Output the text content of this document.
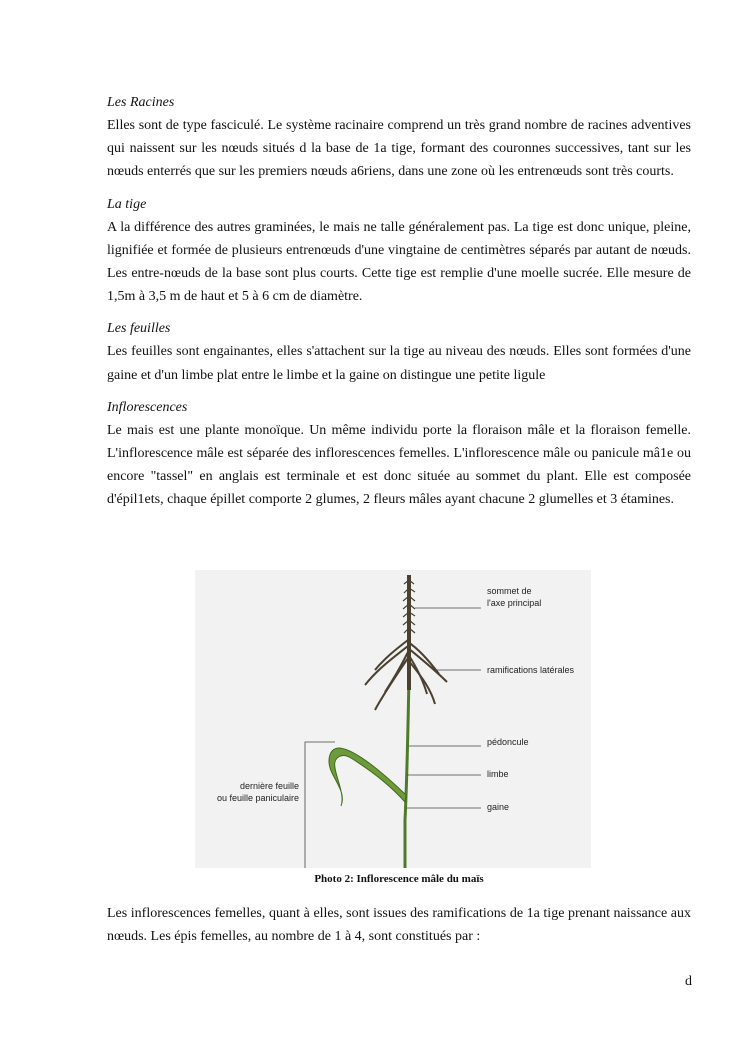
Les Racines

Elles sont de type fasciculé. Le système racinaire comprend un très grand nombre de racines adventives qui naissent sur les nœuds situés d la base de 1a tige, formant des couronnes successives, tant sur les nœuds enterrés que sur les premiers nœuds a6riens, dans une zone où les entrenœuds sont très courts.

La tige

A la différence des autres graminées, le mais ne talle généralement pas. La tige est donc unique, pleine, lignifiée et formée de plusieurs entrenœuds d'une vingtaine de centimètres séparés par autant de nœuds. Les entre-nœuds de la base sont plus courts. Cette tige est remplie d'une moelle sucrée. Elle mesure de 1,5m à 3,5 m de haut et 5 à 6 cm de diamètre.

Les feuilles

Les feuilles sont engainantes, elles s'attachent sur la tige au niveau des nœuds. Elles sont formées d'une gaine et d'un limbe plat entre le limbe et la gaine on distingue une petite ligule

Inflorescences

Le mais est une plante monoïque. Un même individu porte la floraison mâle et la floraison femelle. L'inflorescence mâle est séparée des inflorescences femelles. L'inflorescence mâle ou panicule mâ1e ou encore "tassel" en anglais est terminale et est donc située au sommet du plant. Elle est composée d'épil1ets, chaque épillet comporte 2 glumes, 2 fleurs mâles ayant chacune 2 glumelles et 3 étamines.

sommet de
l'axe principal
ramifications latérales
pédoncule
limbe
gaine
dernière feuille
ou feuille paniculaire
Photo 2: Inflorescence mâle du maïs

Les inflorescences femelles, quant à elles, sont issues des ramifications de 1a tige prenant naissance aux nœuds. Les épis femelles, au nombre de 1 à 4, sont constitués par :

d
